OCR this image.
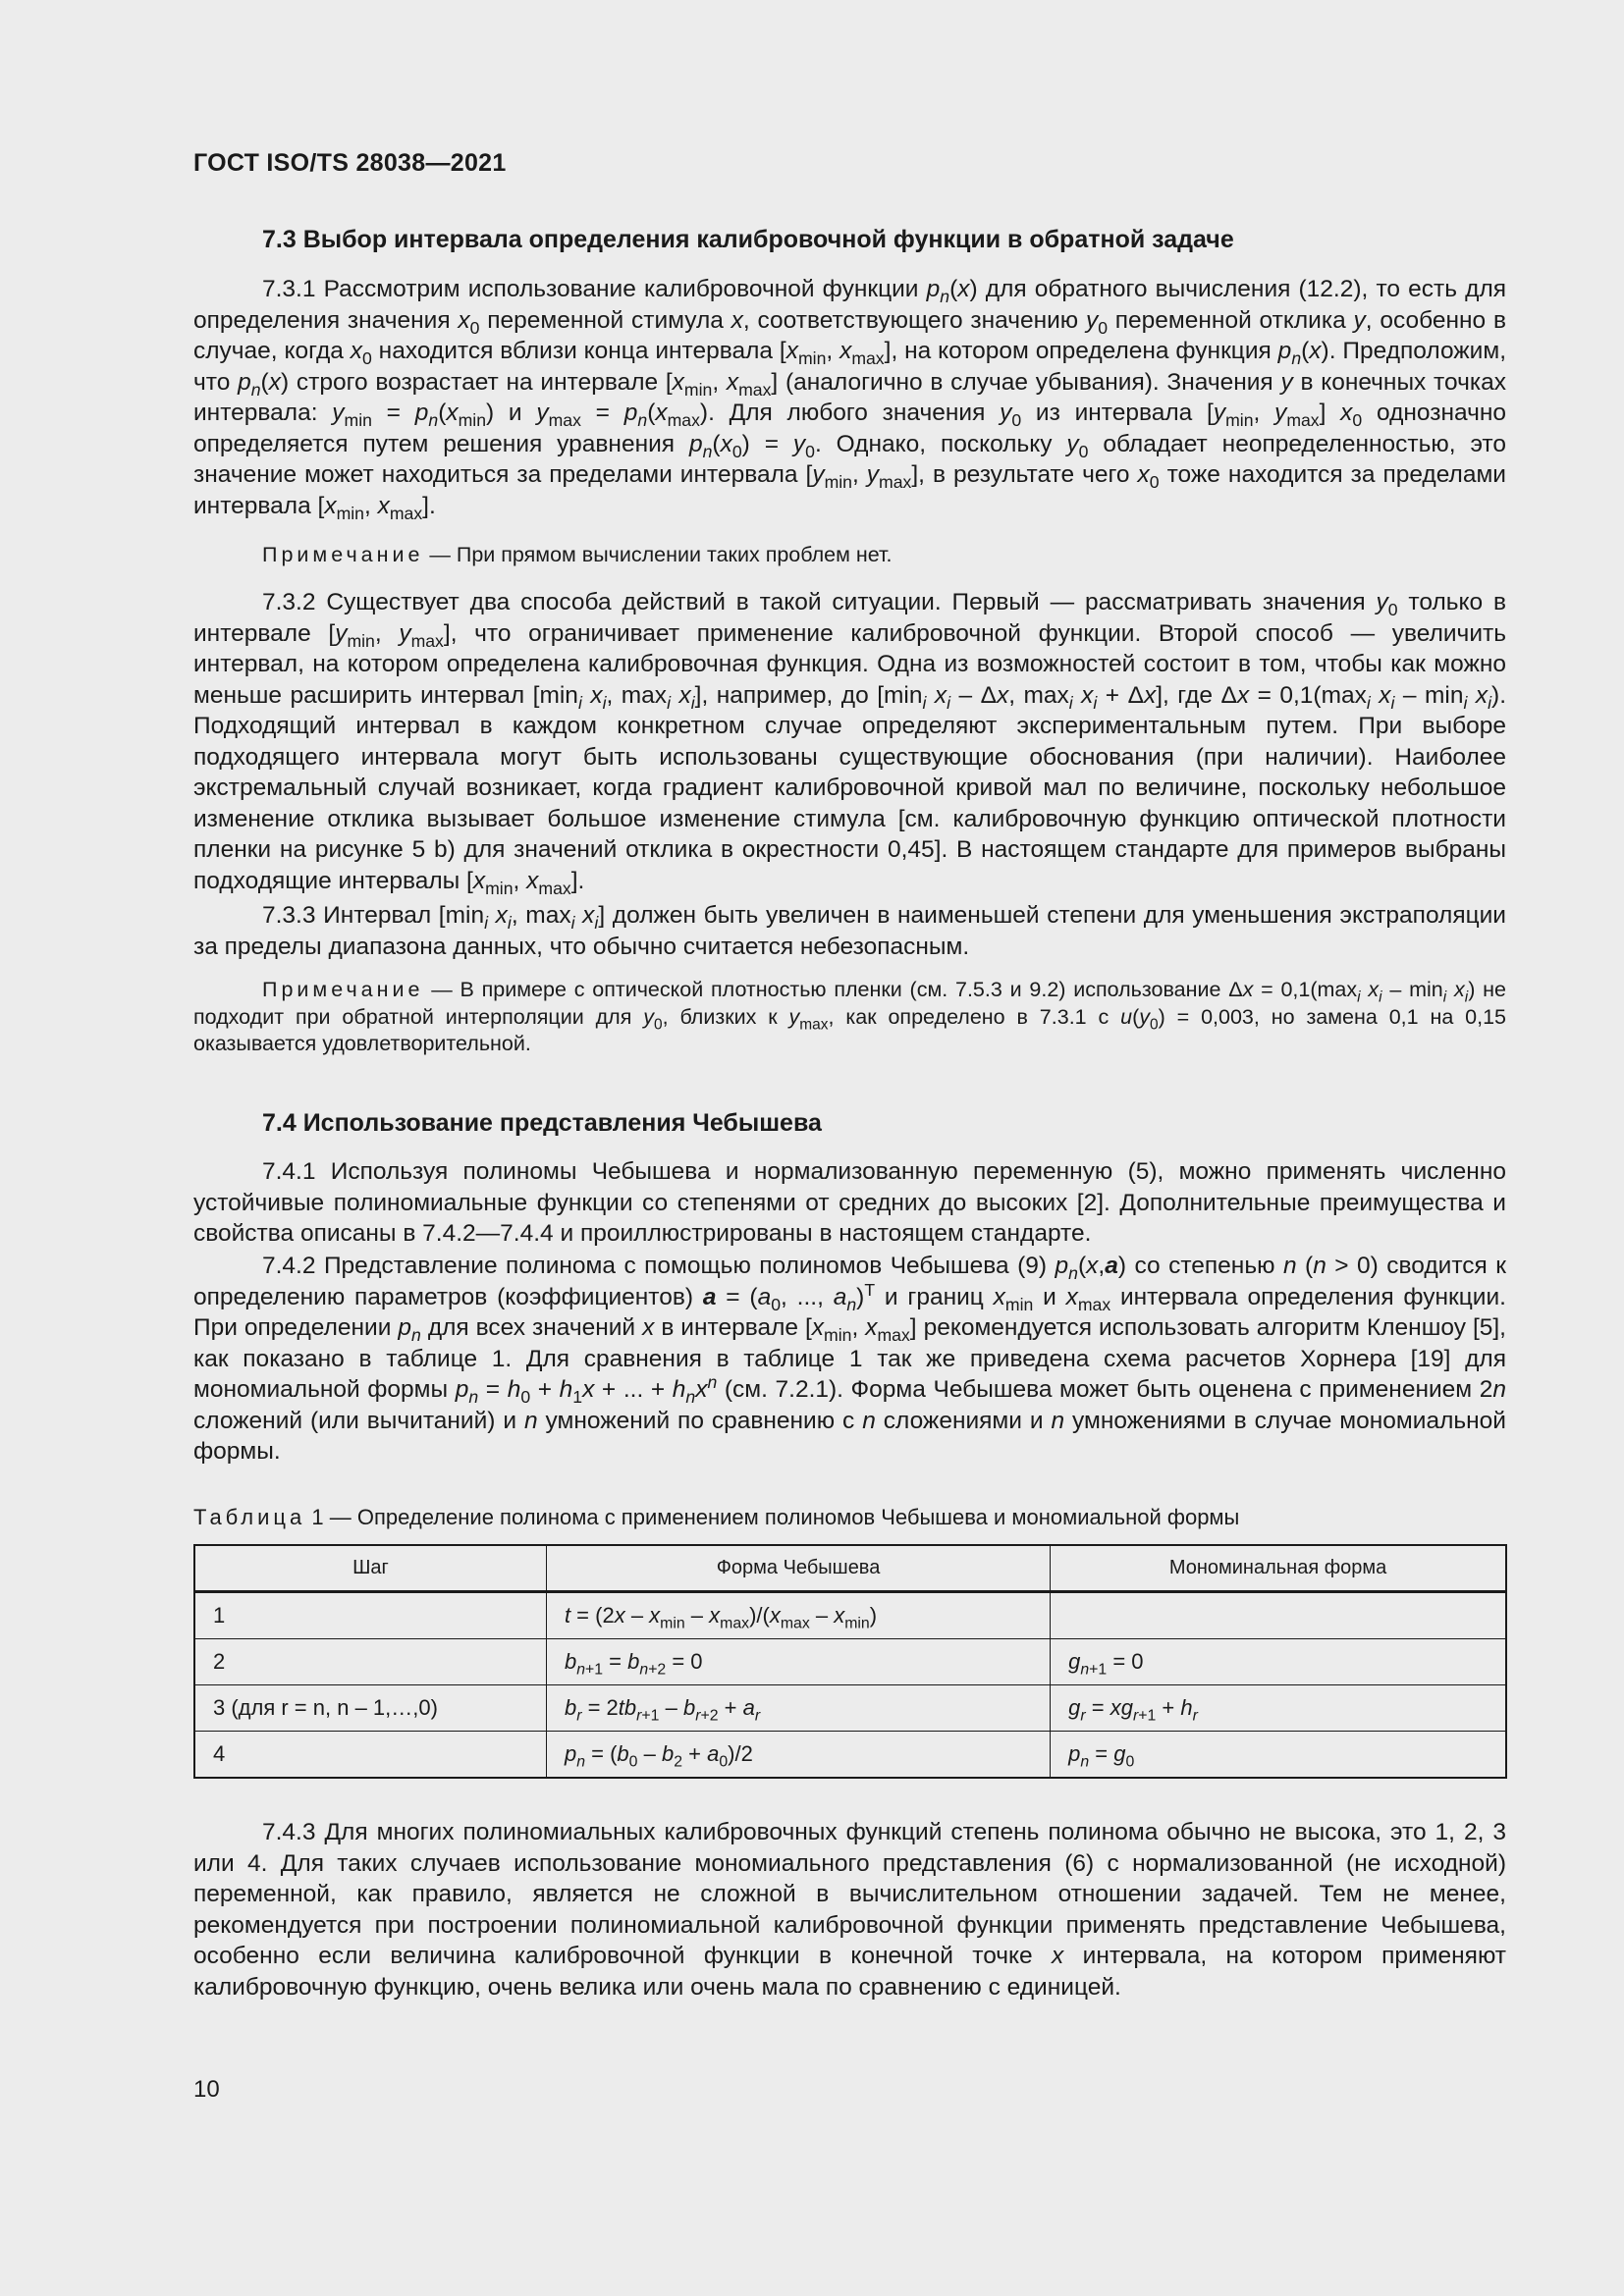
ГОСТ ISO/TS 28038—2021
7.3 Выбор интервала определения калибровочной функции в обратной задаче
7.3.1 Рассмотрим использование калибровочной функции $p_n(x)$ для обратного вычисления (12.2), то есть для определения значения $x_0$ переменной стимула x, соответствующего значению $y_0$ переменной отклика y, особенно в случае, когда $x_0$ находится вблизи конца интервала [$x_{min}$, $x_{max}$], на котором определена функция $p_n(x)$. Предположим, что $p_n(x)$ строго возрастает на интервале [$x_{min}$, $x_{max}$] (аналогично в случае убывания). Значения y в конечных точках интервала: $y_{min} = p_n(x_{min})$ и $y_{max} = p_n(x_{max})$. Для любого значения $y_0$ из интервала [$y_{min}$, $y_{max}$] $x_0$ однозначно определяется путем решения уравнения $p_n(x_0) = y_0$. Однако, поскольку $y_0$ обладает неопределенностью, это значение может находиться за пределами интервала [$y_{min}$, $y_{max}$], в результате чего $x_0$ тоже находится за пределами интервала [$x_{min}$, $x_{max}$].
Примечание — При прямом вычислении таких проблем нет.
7.3.2 Существует два способа действий в такой ситуации. Первый — рассматривать значения $y_0$ только в интервале [$y_{min}$, $y_{max}$], что ограничивает применение калибровочной функции. Второй способ — увеличить интервал, на котором определена калибровочная функция. Одна из возможностей состоит в том, чтобы как можно меньше расширить интервал [$\min_i$ $x_i$, $\max_i x_i$], например, до [$\min_i$ $x_i$ – Δx, $\max_i x_i + \Delta x$], где $\Delta x = 0,1(\max_i$ $x_i - \min_i x_i$). Подходящий интервал в каждом конкретном случае определяют экспериментальным путем. При выборе подходящего интервала могут быть использованы существующие обоснования (при наличии). Наиболее экстремальный случай возникает, когда градиент калибровочной кривой мал по величине, поскольку небольшое изменение отклика вызывает большое изменение стимула [см. калибровочную функцию оптической плотности пленки на рисунке 5 b) для значений отклика в окрестности 0,45]. В настоящем стандарте для примеров выбраны подходящие интервалы [$x_{min}$, $x_{max}$].
7.3.3 Интервал [$\min_i$ $x_i$, $\max_i x_i$] должен быть увеличен в наименьшей степени для уменьшения экстраполяции за пределы диапазона данных, что обычно считается небезопасным.
Примечание — В примере с оптической плотностью пленки (см. 7.5.3 и 9.2) использование $\Delta x = 0,1(\max_i$ $x_i - \min_i x_i$) не подходит при обратной интерполяции для $y_0$, близких к $y_{max}$, как определено в 7.3.1 с $u(y_0) = 0,003$, но замена 0,1 на 0,15 оказывается удовлетворительной.
7.4 Использование представления Чебышева
7.4.1 Используя полиномы Чебышева и нормализованную переменную (5), можно применять численно устойчивые полиномиальные функции со степенями от средних до высоких [2]. Дополнительные преимущества и свойства описаны в 7.4.2—7.4.4 и проиллюстрированы в настоящем стандарте.
7.4.2 Представление полинома с помощью полиномов Чебышева (9) $p_n(x,a)$ со степенью n (n > 0) сводится к определению параметров (коэффициентов) $a = (a_0$, ..., $a_n)^T$ и границ $x_{min}$ и $x_{max}$ интервала определения функции. При определении $p_n$ для всех значений x в интервале [$x_{min}$, $x_{max}$] рекомендуется использовать алгоритм Кленшоу [5], как показано в таблице 1. Для сравнения в таблице 1 так же приведена схема расчетов Хорнера [19] для мономиальной формы $p_n = h_0 + h_1x$ + ... + $h_nx^n$ (см. 7.2.1). Форма Чебышева может быть оценена с применением 2n сложений (или вычитаний) и n умножений по сравнению с n сложениями и n умножениями в случае мономиальной формы.
Таблица 1 — Определение полинома с применением полиномов Чебышева и мономиальной формы
Шаг	Форма Чебышева	Мономинальная форма
1	$t = (2x - x_{min} - x_{max})/(x_{max} - x_{min})$	
2	$b_{n+1} = b_{n+2} = 0$	$g_{n+1} = 0$
3 (для r = n, n – 1,…,0)	$b_r = 2tb_{r+1} - b_{r+2} + a_r$	$g_r = xg_{r+1} + h_r$
4	$p_n = (b_0 - b_2 + a_0)/2$	$p_n = g_0$
7.4.3 Для многих полиномиальных калибровочных функций степень полинома обычно не высока, это 1, 2, 3 или 4. Для таких случаев использование мономиального представления (6) с нормализованной (не исходной) переменной, как правило, является не сложной в вычислительном отношении задачей. Тем не менее, рекомендуется при построении полиномиальной калибровочной функции применять представление Чебышева, особенно если величина калибровочной функции в конечной точке x интервала, на котором применяют калибровочную функцию, очень велика или очень мала по сравнению с единицей.
10
